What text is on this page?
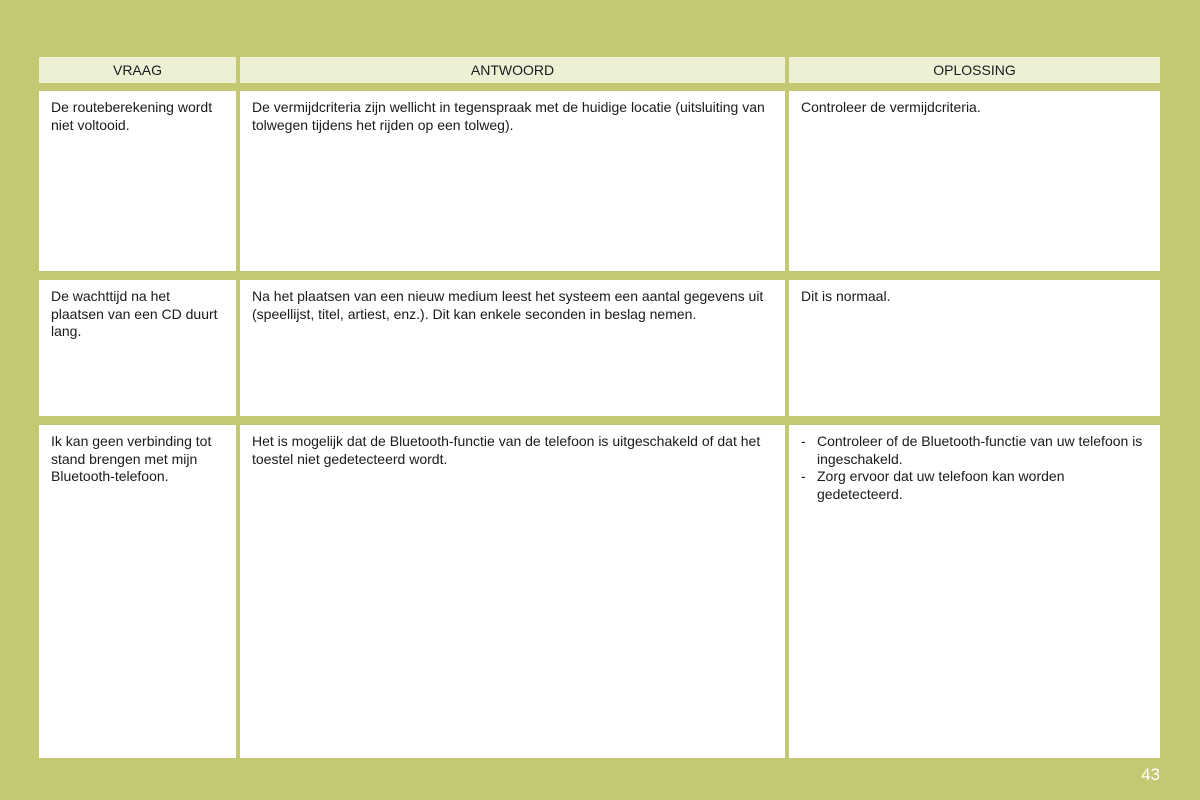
VRAAG	ANTWOORD	OPLOSSING
De routeberekening wordt niet voltooid.
De vermijdcriteria zijn wellicht in tegenspraak met de huidige locatie (uitsluiting van tolwegen tijdens het rijden op een tolweg).
Controleer de vermijdcriteria.
De wachttijd na het plaatsen van een CD duurt lang.
Na het plaatsen van een nieuw medium leest het systeem een aantal gegevens uit (speellijst, titel, artiest, enz.). Dit kan enkele seconden in beslag nemen.
Dit is normaal.
Ik kan geen verbinding tot stand brengen met mijn Bluetooth-telefoon.
Het is mogelijk dat de Bluetooth-functie van de telefoon is uitgeschakeld of dat het toestel niet gedetecteerd wordt.
- Controleer of de Bluetooth-functie van uw telefoon is ingeschakeld.
- Zorg ervoor dat uw telefoon kan worden gedetecteerd.
43
